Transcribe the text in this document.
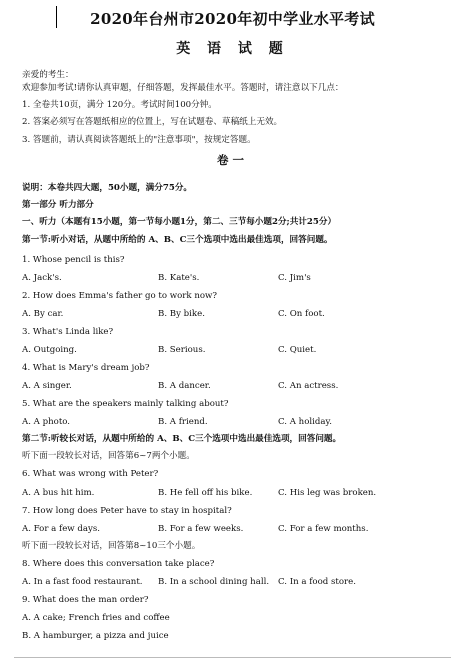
2020年台州市2020年初中学业水平考试
英 语 试 题
亲爱的考生：
欢迎参加考试!请你认真审题，仔细答题，发挥最佳水平。答题时，请注意以下几点：
1. 全卷共10页，满分 120分。考试时间100分钟。
2. 答案必须写在答题纸相应的位置上，写在试题卷、草稿纸上无效。
3. 答题前，请认真阅读答题纸上的"注意事项"，按规定答题。
卷一
说明：本卷共四大题，50小题，满分75分。
第一部分 听力部分
一、听力（本题有15小题，第一节每小题1分，第二、三节每小题2分;共计25分）
第一节:听小对话，从题中所给的 A、B、C三个选项中选出最佳选项，回答问题。
1. Whose pencil is this?
A. Jack's.	B. Kate's.	C. Jim's
2. How does Emma's father go to work now?
A. By car.	B. By bike.	C. On foot.
3. What's Linda like?
A. Outgoing.	B. Serious.	C. Quiet.
4. What is Mary's dream job?
A. A singer.	B. A dancer.	C. An actress.
5. What are the speakers mainly talking about?
A. A photo.	B. A friend.	C. A holiday.
第二节:听较长对话，从题中所给的 A、B、C三个选项中选出最佳选项，回答问题。
听下面一段较长对话，回答第6~7两个小题。
6. What was wrong with Peter?
A. A bus hit him.	B. He fell off his bike.	C. His leg was broken.
7. How long does Peter have to stay in hospital?
A. For a few days.	B. For a few weeks.	C. For a few months.
听下面一段较长对话，回答第8~10三个小题。
8. Where does this conversation take place?
A. In a fast food restaurant. B. In a school dining hall. C. In a food store.
9. What does the man order?
A. A cake; French fries and coffee
B. A hamburger, a pizza and juice
